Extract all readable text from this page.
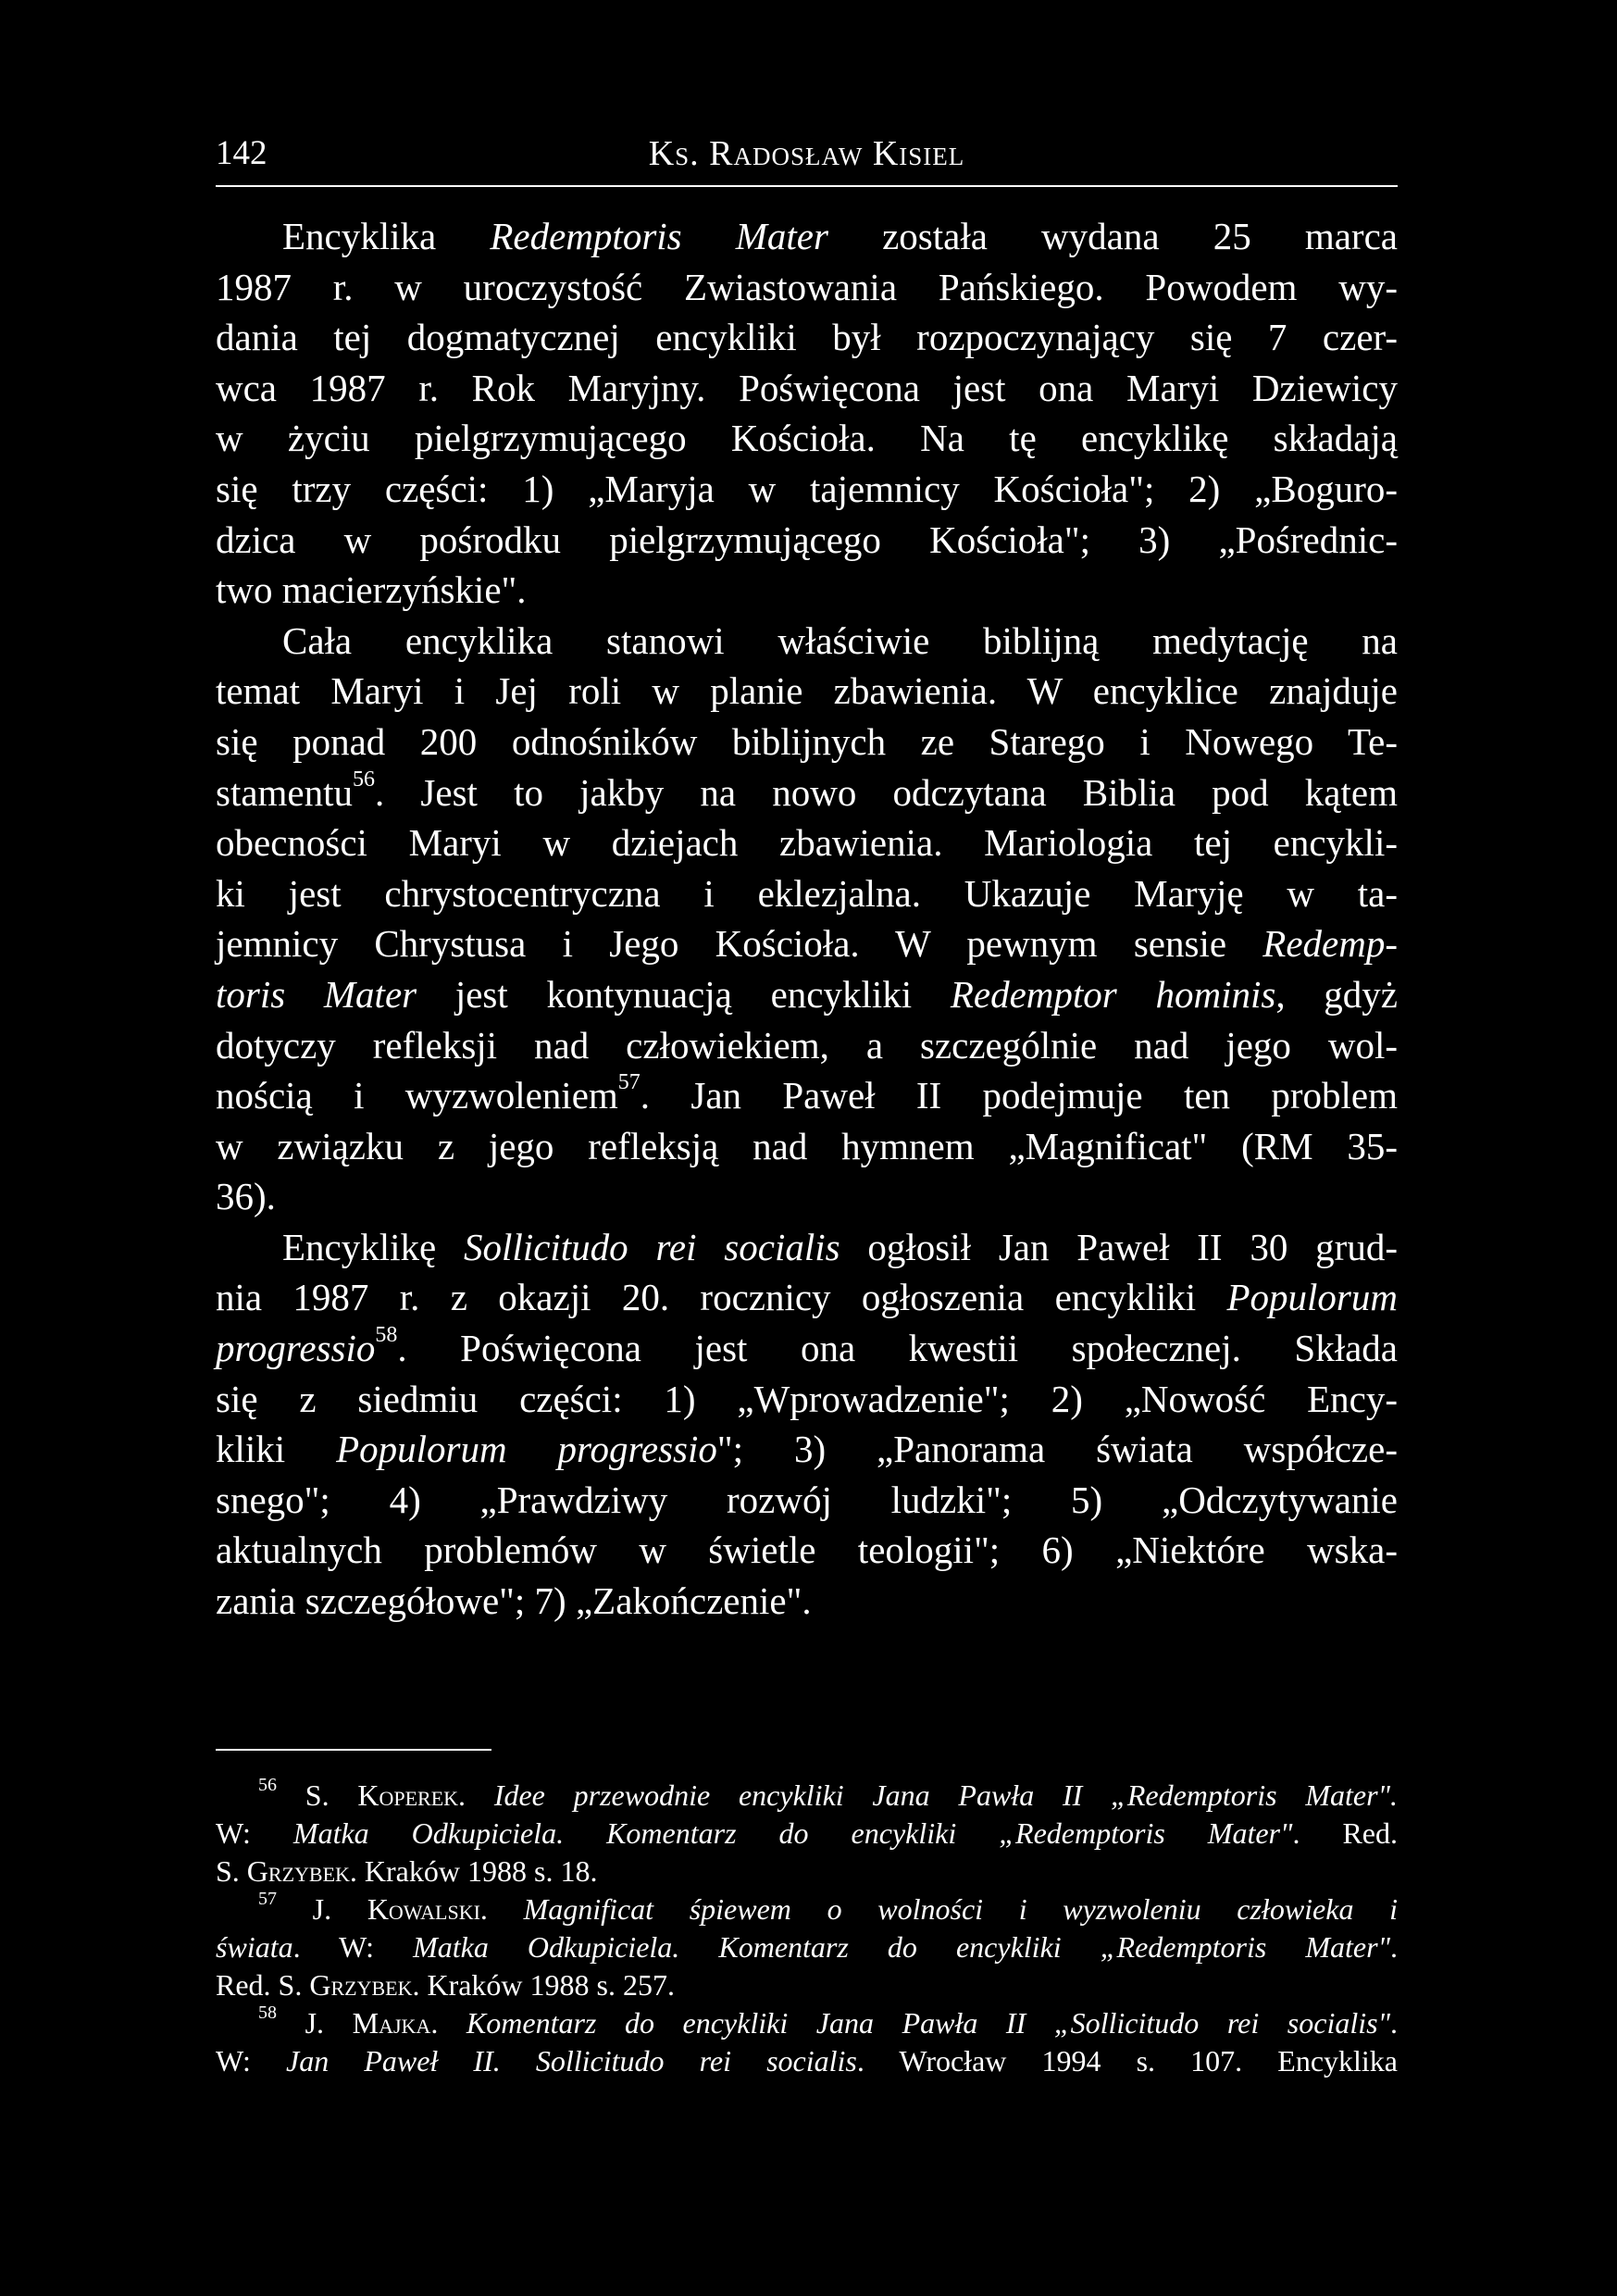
142	Ks. Radosław Kisiel

Encyklika Redemptoris Mater została wydana 25 marca
1987 r. w uroczystość Zwiastowania Pańskiego. Powodem wy-
dania tej dogmatycznej encykliki był rozpoczynający się 7 czer-
wca 1987 r. Rok Maryjny. Poświęcona jest ona Maryi Dziewicy
w życiu pielgrzymującego Kościoła. Na tę encyklikę składają
się trzy części: 1) „Maryja w tajemnicy Kościoła"; 2) „Boguro-
dzica w pośrodku pielgrzymującego Kościoła"; 3) „Pośrednic-
two macierzyńskie".

Cała encyklika stanowi właściwie biblijną medytację na
temat Maryi i Jej roli w planie zbawienia. W encyklice znajduje
się ponad 200 odnośników biblijnych ze Starego i Nowego Te-
stamentu$^{56}$. Jest to jakby na nowo odczytana Biblia pod kątem
obecności Maryi w dziejach zbawienia. Mariologia tej encykli-
ki jest chrystocentryczna i eklezjalna. Ukazuje Maryję w ta-
jemnicy Chrystusa i Jego Kościoła. W pewnym sensie Redemp-
toris Mater jest kontynuacją encykliki Redemptor hominis, gdyż
dotyczy refleksji nad człowiekiem, a szczególnie nad jego wol-
nością i wyzwoleniem$^{57}$. Jan Paweł II podejmuje ten problem
w związku z jego refleksją nad hymnem „Magnificat" (RM 35-
36).

Encyklikę Sollicitudo rei socialis ogłosił Jan Paweł II 30 grud-
nia 1987 r. z okazji 20. rocznicy ogłoszenia encykliki Populorum
progressio$^{58}$. Poświęcona jest ona kwestii społecznej. Składa
się z siedmiu części: 1) „Wprowadzenie"; 2) „Nowość Ency-
kliki Populorum progressio"; 3) „Panorama świata współcze-
snego"; 4) „Prawdziwy rozwój ludzki"; 5) „Odczytywanie
aktualnych problemów w świetle teologii"; 6) „Niektóre wska-
zania szczegółowe"; 7) „Zakończenie".

$^{56}$ S. Koperek. Idee przewodnie encykliki Jana Pawła II „Redemptoris Mater".
W: Matka Odkupiciela. Komentarz do encykliki „Redemptoris Mater". Red.
S. Grzybek. Kraków 1988 s. 18.
$^{57}$ J. Kowalski. Magnificat śpiewem o wolności i wyzwoleniu człowieka i
świata. W: Matka Odkupiciela. Komentarz do encykliki „Redemptoris Mater".
Red. S. Grzybek. Kraków 1988 s. 257.
$^{58}$ J. Majka. Komentarz do encykliki Jana Pawła II „Sollicitudo rei socialis".
W: Jan Paweł II. Sollicitudo rei socialis. Wrocław 1994 s. 107. Encyklika
